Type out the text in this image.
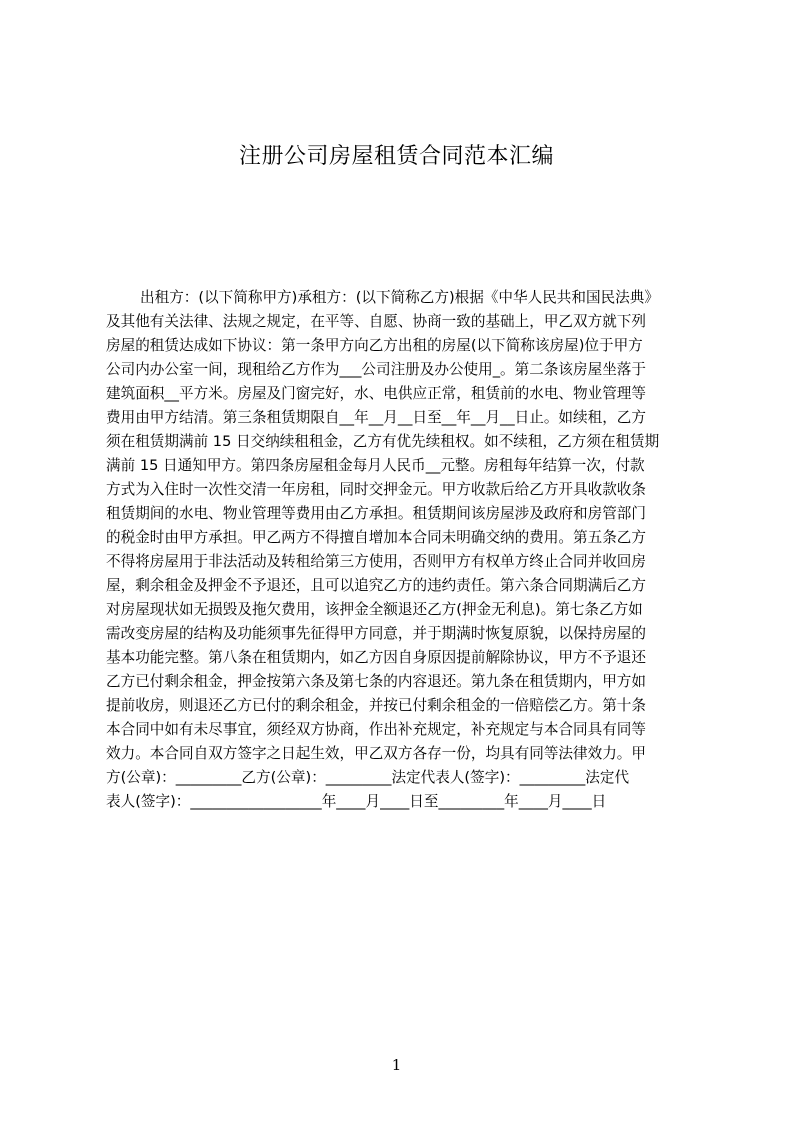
注册公司房屋租赁合同范本汇编
出租方：(以下简称甲方)承租方：(以下简称乙方)根据《中华人民共和国民法典》
及其他有关法律、法规之规定，在平等、自愿、协商一致的基础上，甲乙双方就下列
房屋的租赁达成如下协议：第一条甲方向乙方出租的房屋(以下简称该房屋)位于甲方
公司内办公室一间，现租给乙方作为___公司注册及办公使用_。第二条该房屋坐落于
建筑面积__平方米。房屋及门窗完好，水、电供应正常，租赁前的水电、物业管理等
费用由甲方结清。第三条租赁期限自__年__月__日至__年__月__日止。如续租，乙方
须在租赁期满前 15 日交纳续租租金，乙方有优先续租权。如不续租，乙方须在租赁期
满前 15 日通知甲方。第四条房屋租金每月人民币__元整。房租每年结算一次，付款
方式为入住时一次性交清一年房租，同时交押金元。甲方收款后给乙方开具收款收条
租赁期间的水电、物业管理等费用由乙方承担。租赁期间该房屋涉及政府和房管部门
的税金时由甲方承担。甲乙两方不得擅自增加本合同未明确交纳的费用。第五条乙方
不得将房屋用于非法活动及转租给第三方使用，否则甲方有权单方终止合同并收回房
屋，剩余租金及押金不予退还，且可以追究乙方的违约责任。第六条合同期满后乙方
对房屋现状如无损毁及拖欠费用，该押金全额退还乙方(押金无利息)。第七条乙方如
需改变房屋的结构及功能须事先征得甲方同意，并于期满时恢复原貌，以保持房屋的
基本功能完整。第八条在租赁期内，如乙方因自身原因提前解除协议，甲方不予退还
乙方已付剩余租金，押金按第六条及第七条的内容退还。第九条在租赁期内，甲方如
提前收房，则退还乙方已付的剩余租金，并按已付剩余租金的一倍赔偿乙方。第十条
本合同中如有未尽事宜，须经双方协商，作出补充规定，补充规定与本合同具有同等
效力。本合同自双方签字之日起生效，甲乙双方各存一份，均具有同等法律效力。甲
方(公章)：_________乙方(公章)：_________法定代表人(签字)：_________法定代
表人(签字)：__________________年____月____日至_________年____月____日
1
